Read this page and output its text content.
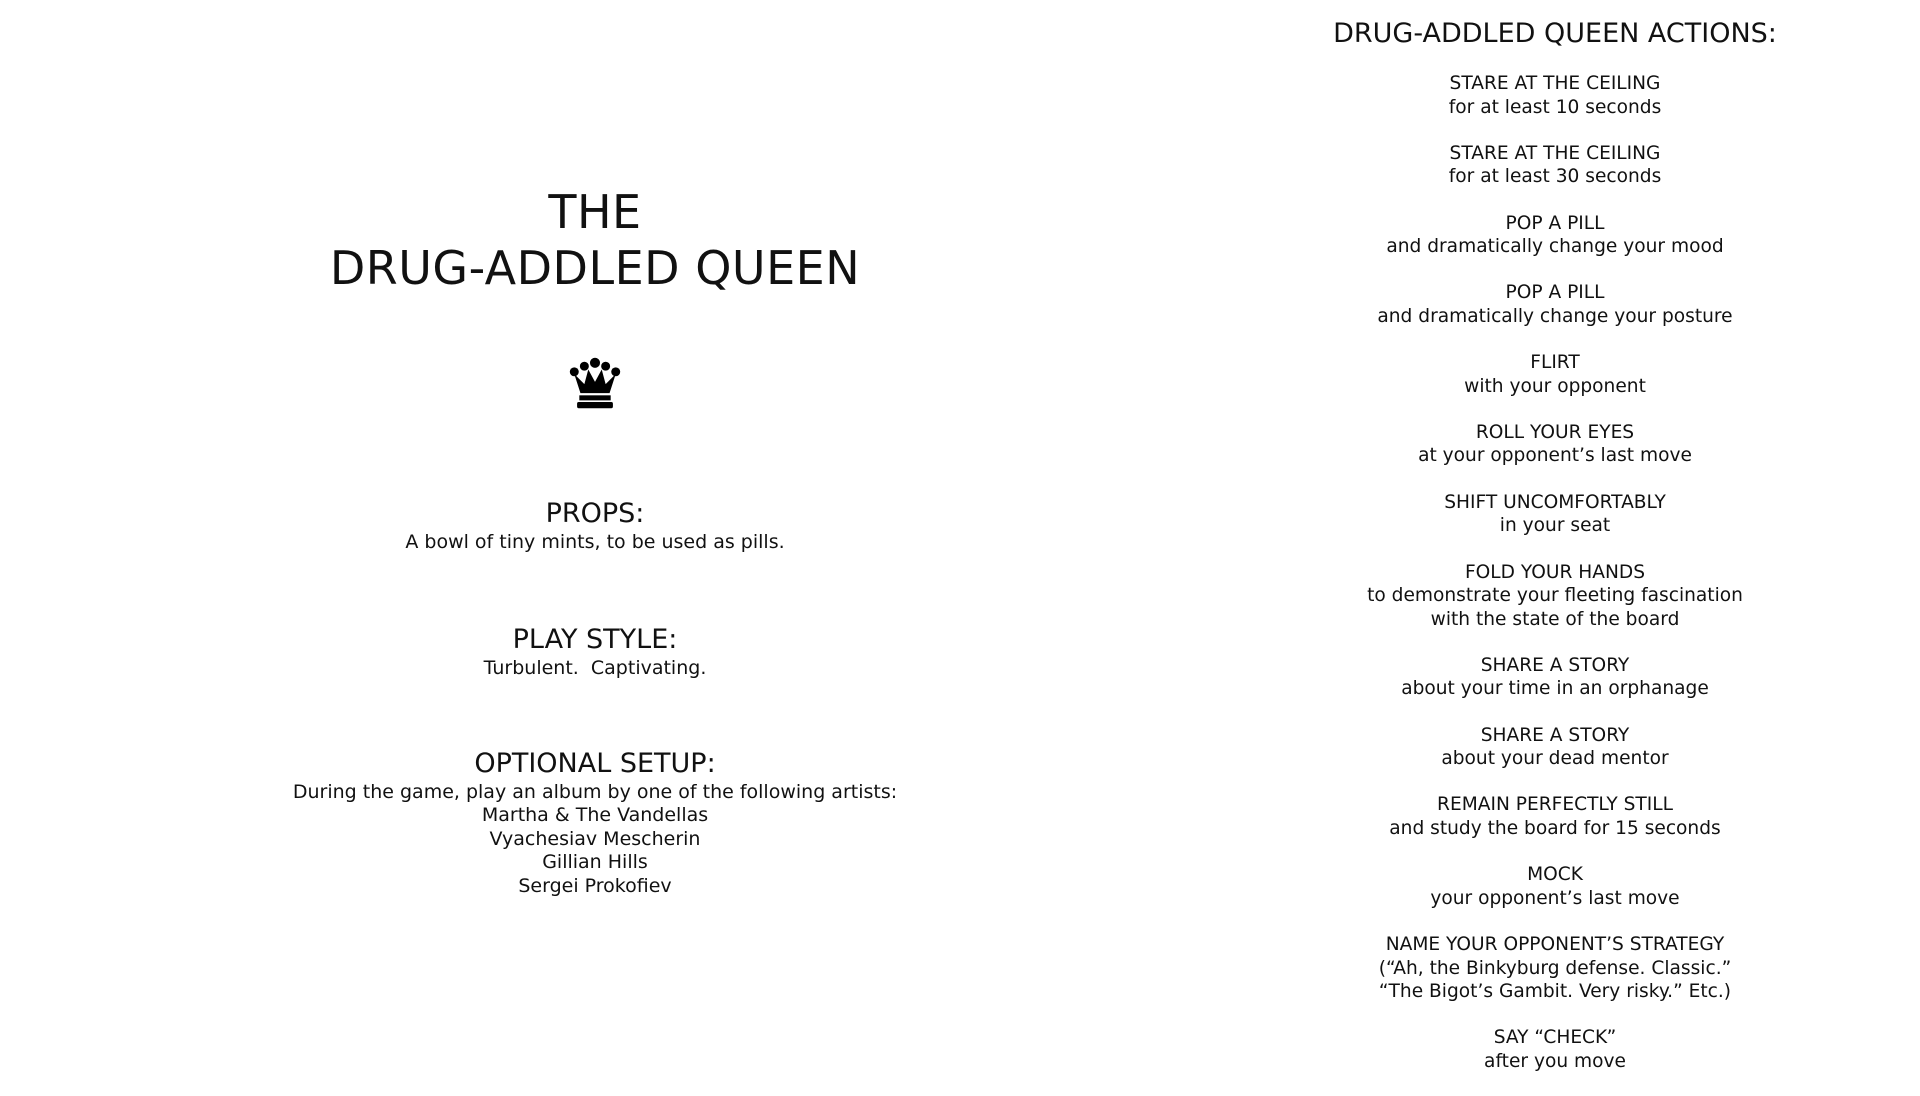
THE
DRUG-ADDLED QUEEN

PROPS:

A bowl of tiny mints, to be used as pills.

PLAY STYLE:

Turbulent.  Captivating.

OPTIONAL SETUP:

During the game, play an album by one of the following artists:

Martha & The Vandellas
Vyachesiav Mescherin
Gillian Hills
Sergei Prokofiev
DRUG-ADDLED QUEEN ACTIONS:
STARE AT THE CEILING
for at least 10 seconds
STARE AT THE CEILING
for at least 30 seconds
POP A PILL
and dramatically change your mood
POP A PILL
and dramatically change your posture
FLIRT
with your opponent
ROLL YOUR EYES
at your opponent’s last move
SHIFT UNCOMFORTABLY
in your seat
FOLD YOUR HANDS
to demonstrate your fleeting fascination
with the state of the board
SHARE A STORY
about your time in an orphanage
SHARE A STORY
about your dead mentor
REMAIN PERFECTLY STILL
and study the board for 15 seconds
MOCK
your opponent’s last move
NAME YOUR OPPONENT’S STRATEGY
(“Ah, the Binkyburg defense. Classic.”
“The Bigot’s Gambit. Very risky.” Etc.)
SAY “CHECK”
after you move
